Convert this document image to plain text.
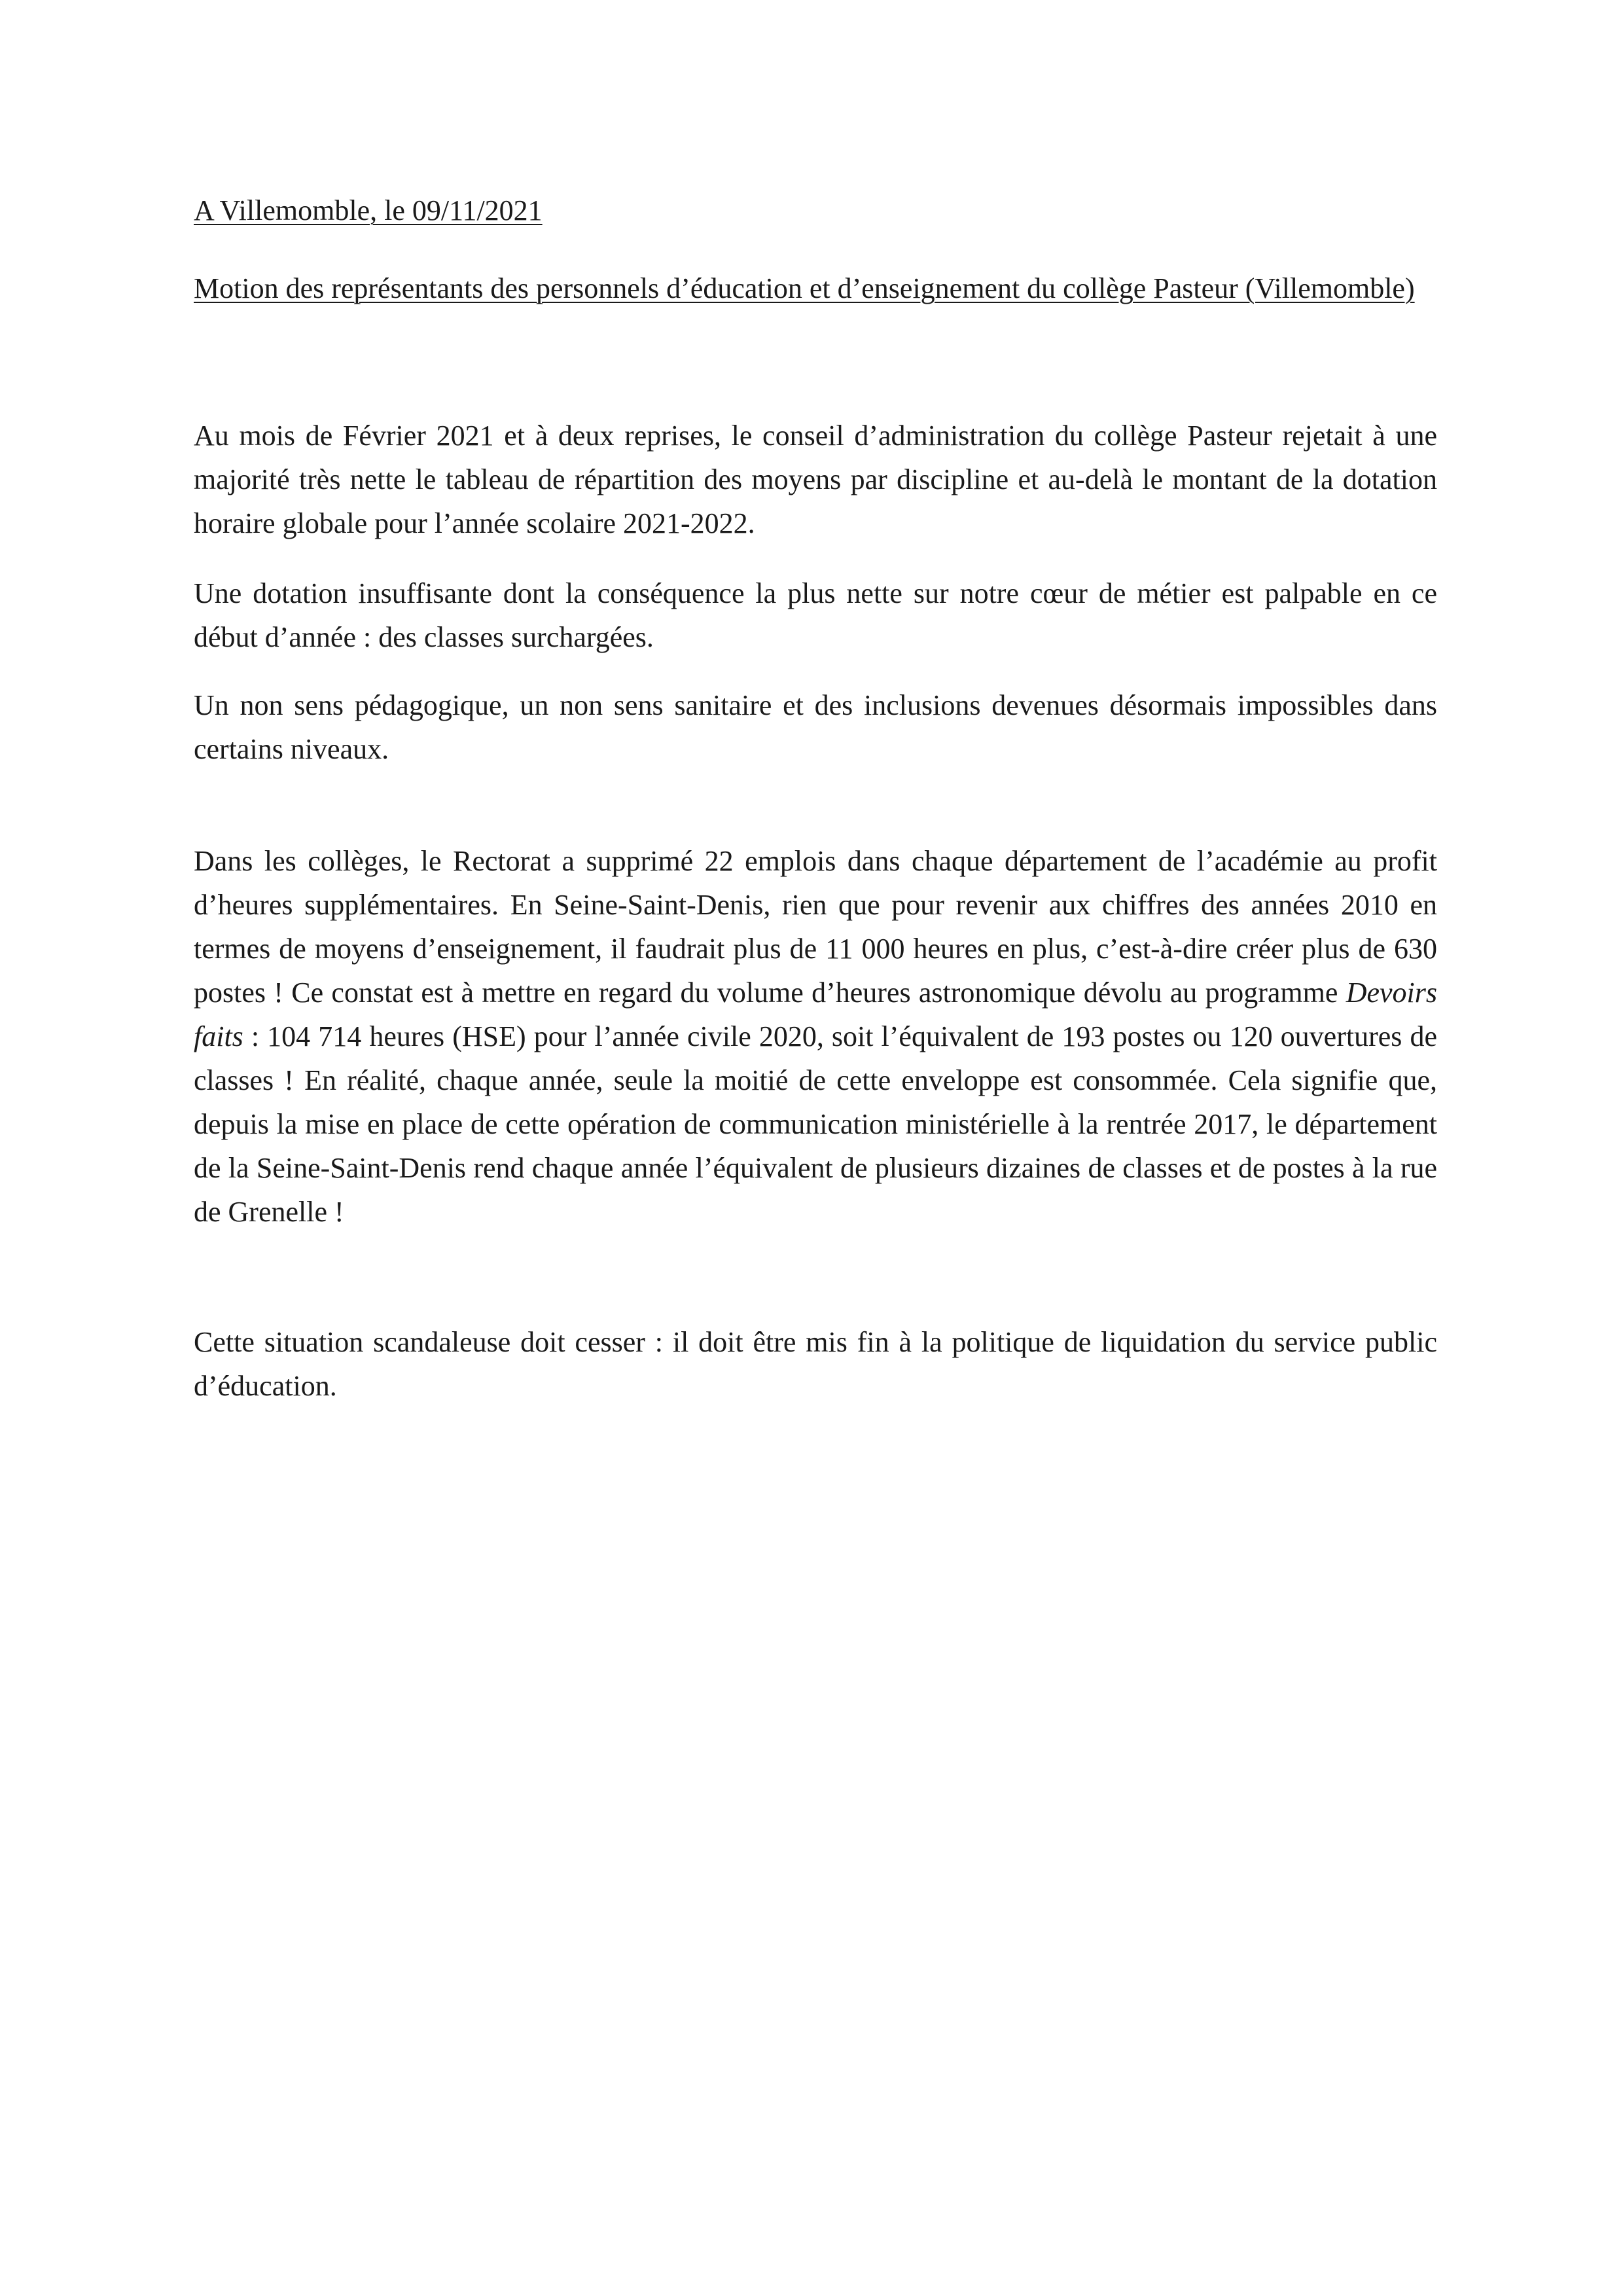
A Villemomble, le 09/11/2021
Motion des représentants des personnels d’éducation et d’enseignement du collège Pasteur (Villemomble)

Au mois de Février 2021 et à deux reprises, le conseil d’administration du collège Pasteur rejetait à une majorité très nette le tableau de répartition des moyens par discipline et au-delà le montant de la dotation horaire globale pour l’année scolaire 2021-2022.

Une dotation insuffisante dont la conséquence la plus nette sur notre cœur de métier est palpable en ce début d’année : des classes surchargées.

Un non sens pédagogique, un non sens sanitaire et des inclusions devenues désormais impossibles dans certains niveaux.

Dans les collèges, le Rectorat a supprimé 22 emplois dans chaque département de l’académie au profit d’heures supplémentaires. En Seine-Saint-Denis, rien que pour revenir aux chiffres des années 2010 en termes de moyens d’enseignement, il faudrait plus de 11 000 heures en plus, c’est-à-dire créer plus de 630 postes ! Ce constat est à mettre en regard du volume d’heures astronomique dévolu au programme Devoirs faits : 104 714 heures (HSE) pour l’année civile 2020, soit l’équivalent de 193 postes ou 120 ouvertures de classes ! En réalité, chaque année, seule la moitié de cette enveloppe est consommée. Cela signifie que, depuis la mise en place de cette opération de communication ministérielle à la rentrée 2017, le département de la Seine-Saint-Denis rend chaque année l’équivalent de plusieurs dizaines de classes et de postes à la rue de Grenelle !

Cette situation scandaleuse doit cesser : il doit être mis fin à la politique de liquidation du service public d’éducation.
